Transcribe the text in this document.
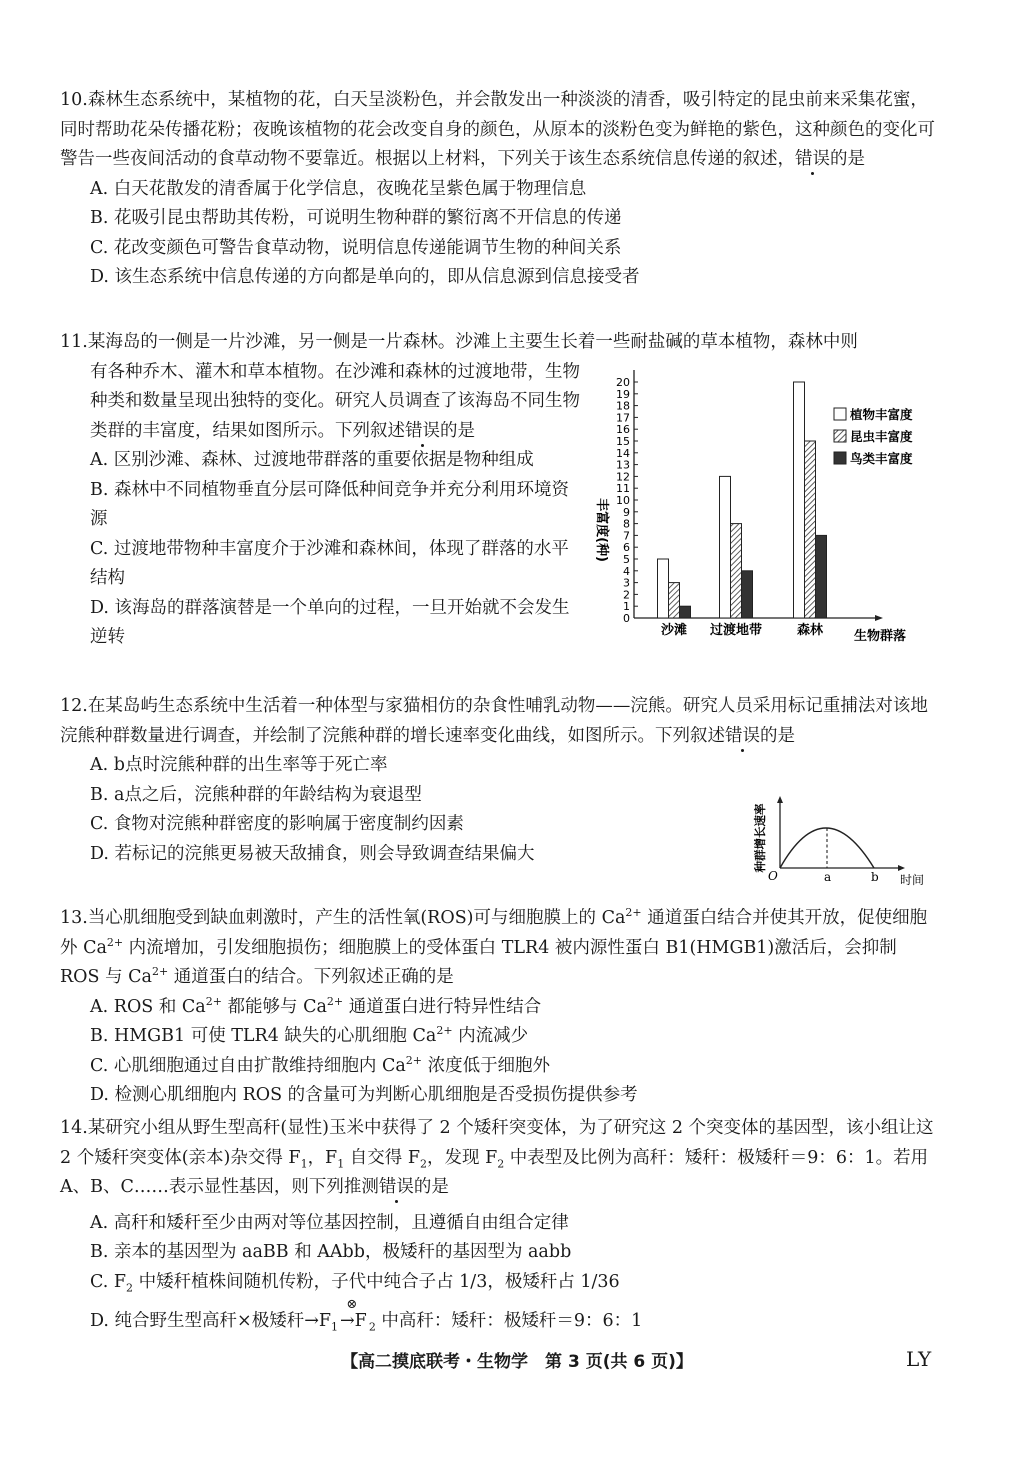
10.森林生态系统中，某植物的花，白天呈淡粉色，并会散发出一种淡淡的清香，吸引特定的昆虫前来采集花蜜，同时帮助花朵传播花粉；夜晚该植物的花会改变自身的颜色，从原本的淡粉色变为鲜艳的紫色，这种颜色的变化可警告一些夜间活动的食草动物不要靠近。根据以上材料，下列关于该生态系统信息传递的叙述，错误的是

A. 白天花散发的清香属于化学信息，夜晚花呈紫色属于物理信息

B. 花吸引昆虫帮助其传粉，可说明生物种群的繁衍离不开信息的传递

C. 花改变颜色可警告食草动物，说明信息传递能调节生物的种间关系

D. 该生态系统中信息传递的方向都是单向的，即从信息源到信息接受者

11.某海岛的一侧是一片沙滩，另一侧是一片森林。沙滩上主要生长着一些耐盐碱的草本植物，森林中则

有各种乔木、灌木和草本植物。在沙滩和森林的过渡地带，生物种类和数量呈现出独特的变化。研究人员调查了该海岛不同生物类群的丰富度，结果如图所示。下列叙述错误的是

A. 区别沙滩、森林、过渡地带群落的重要依据是物种组成

B. 森林中不同植物垂直分层可降低种间竞争并充分利用环境资源

C. 过渡地带物种丰富度介于沙滩和森林间，体现了群落的水平结构

D. 该海岛的群落演替是一个单向的过程，一旦开始就不会发生逆转

丰富度(种)
0
1
2
3
4
5
6
7
8
9
10
11
12
13
14
15
16
17
18
19
20
沙滩 过渡地带	森林 生物群落
植物丰富度
昆虫丰富度
鸟类丰富度

12.在某岛屿生态系统中生活着一种体型与家猫相仿的杂食性哺乳动物——浣熊。研究人员采用标记重捕法对该地浣熊种群数量进行调查，并绘制了浣熊种群的增长速率变化曲线，如图所示。下列叙述错误的是

A. b点时浣熊种群的出生率等于死亡率

B. a点之后，浣熊种群的年龄结构为衰退型

C. 食物对浣熊种群密度的影响属于密度制约因素

D. 若标记的浣熊更易被天敌捕食，则会导致调查结果偏大	种群增长速率
O	a	b 时间

13.当心肌细胞受到缺血刺激时，产生的活性氧(ROS)可与细胞膜上的 $Ca^{2+}$ 通道蛋白结合并使其开放，促使细胞外 $Ca^{2+}$ 内流增加，引发细胞损伤；细胞膜上的受体蛋白 TLR4 被内源性蛋白 B1(HMGB1)激活后，会抑制 ROS 与 $Ca^{2+}$ 通道蛋白的结合。下列叙述正确的是

A. ROS 和 $Ca^{2+}$ 都能够与 $Ca^{2+}$ 通道蛋白进行特异性结合

B. HMGB1 可使 TLR4 缺失的心肌细胞 $Ca^{2+}$ 内流减少

C. 心肌细胞通过自由扩散维持细胞内 $Ca^{2+}$ 浓度低于细胞外

D. 检测心肌细胞内 ROS 的含量可为判断心肌细胞是否受损伤提供参考

14.某研究小组从野生型高秆(显性)玉米中获得了 2 个矮秆突变体，为了研究这 2 个突变体的基因型，该小组让这 2 个矮秆突变体(亲本)杂交得 $F_1$，$F_1$ 自交得 $F_2$，发现 $F_2$ 中表型及比例为高秆：矮秆：极矮秆＝9：6：1。若用 A、B、C……表示显性基因，则下列推测错误的是

A. 高秆和矮秆至少由两对等位基因控制，且遵循自由组合定律

B. 亲本的基因型为 aaBB 和 AAbb，极矮秆的基因型为 aabb

C. $F_2$ 中矮秆植株间随机传粉，子代中纯合子占 1/3，极矮秆占 1/36

D. 纯合野生型高秆×极矮秆$\to F_1$
⊗
→F $_2$ 中高秆：矮秆：极矮秆＝9：6：1

【高二摸底联考・生物学　第 3 页(共 6 页)】	LY
